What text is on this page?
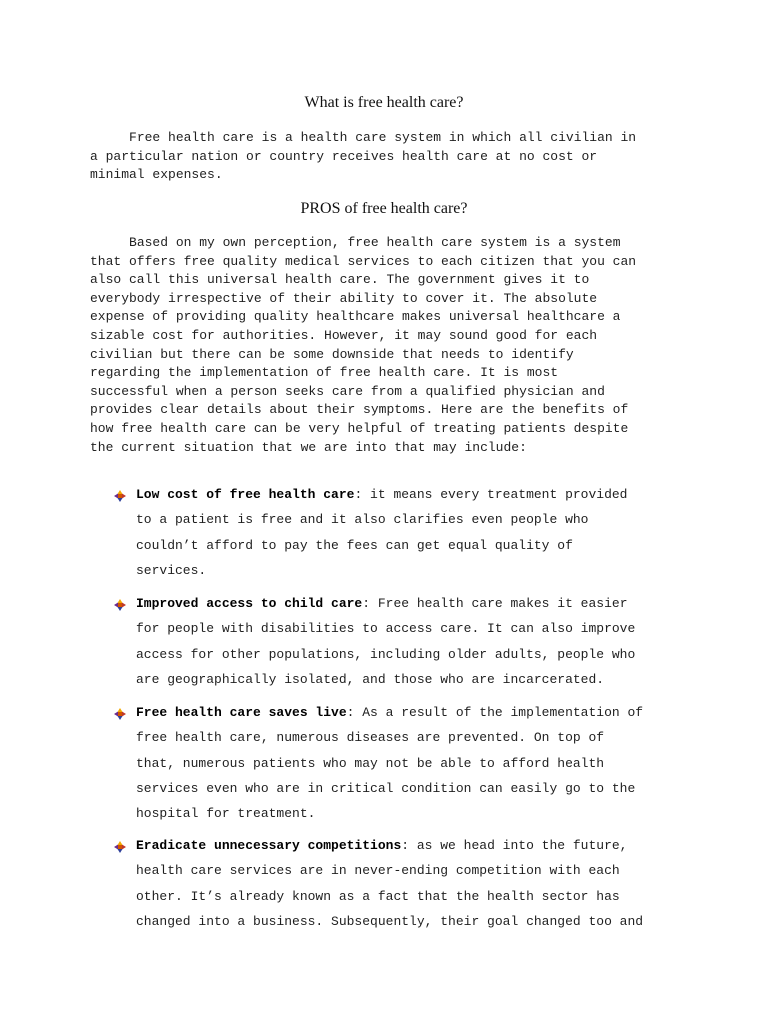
What is free health care?

Free health care is a health care system in which all civilian in
a particular nation or country receives health care at no cost or
minimal expenses.

PROS of free health care?

Based on my own perception, free health care system is a system
that offers free quality medical services to each citizen that you can
also call this universal health care. The government gives it to
everybody irrespective of their ability to cover it. The absolute
expense of providing quality healthcare makes universal healthcare a
sizable cost for authorities. However, it may sound good for each
civilian but there can be some downside that needs to identify
regarding the implementation of free health care. It is most
successful when a person seeks care from a qualified physician and
provides clear details about their symptoms. Here are the benefits of
how free health care can be very helpful of treating patients despite
the current situation that we are into that may include:

Low cost of free health care: it means every treatment provided
to a patient is free and it also clarifies even people who
couldn’t afford to pay the fees can get equal quality of
services.

Improved access to child care: Free health care makes it easier
for people with disabilities to access care. It can also improve
access for other populations, including older adults, people who
are geographically isolated, and those who are incarcerated.

Free health care saves live: As a result of the implementation of
free health care, numerous diseases are prevented. On top of
that, numerous patients who may not be able to afford health
services even who are in critical condition can easily go to the
hospital for treatment.

Eradicate unnecessary competitions: as we head into the future,
health care services are in never-ending competition with each
other. It’s already known as a fact that the health sector has
changed into a business. Subsequently, their goal changed too and
